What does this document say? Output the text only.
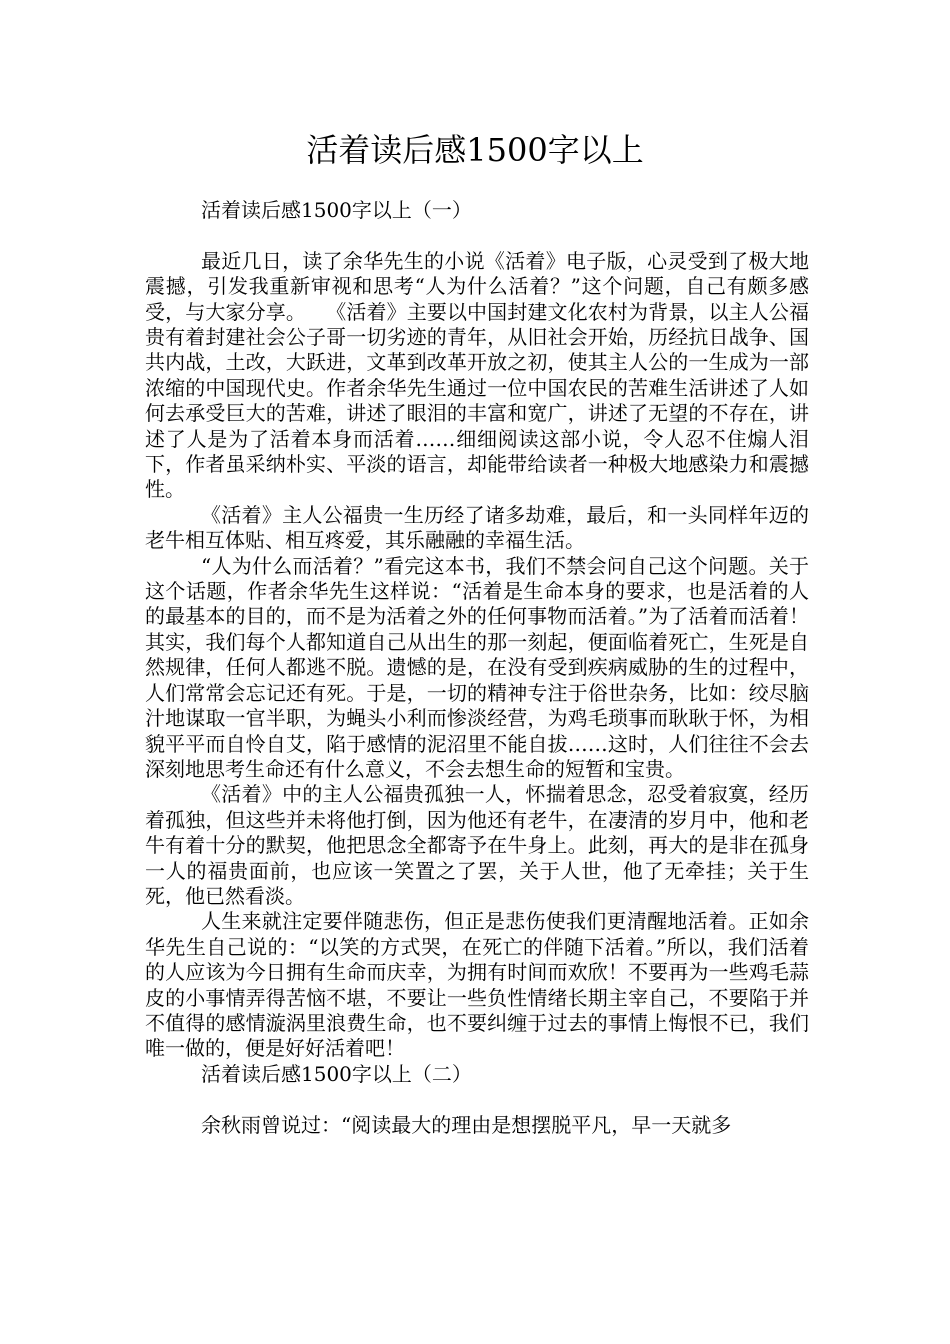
活着读后感1500字以上

活着读后感1500字以上（一）

最近几日，读了余华先生的小说《活着》电子版，心灵受到了极大地震撼，引发我重新审视和思考“人为什么活着？”这个问题，自己有颇多感受，与大家分享。　　《活着》主要以中国封建文化农村为背景，以主人公福贵有着封建社会公子哥一切劣迹的青年，从旧社会开始，历经抗日战争、国共内战，土改，大跃进，文革到改革开放之初，使其主人公的一生成为一部浓缩的中国现代史。作者余华先生通过一位中国农民的苦难生活讲述了人如何去承受巨大的苦难，讲述了眼泪的丰富和宽广，讲述了无望的不存在，讲述了人是为了活着本身而活着……细细阅读这部小说，令人忍不住煽人泪下，作者虽采纳朴实、平淡的语言，却能带给读者一种极大地感染力和震撼性。

《活着》主人公福贵一生历经了诸多劫难，最后，和一头同样年迈的老牛相互体贴、相互疼爱，其乐融融的幸福生活。

“人为什么而活着？”看完这本书，我们不禁会问自己这个问题。关于这个话题，作者余华先生这样说：“活着是生命本身的要求，也是活着的人的最基本的目的，而不是为活着之外的任何事物而活着。”为了活着而活着！其实，我们每个人都知道自己从出生的那一刻起，便面临着死亡，生死是自然规律，任何人都逃不脱。遗憾的是，在没有受到疾病威胁的生的过程中，人们常常会忘记还有死。于是，一切的精神专注于俗世杂务，比如：绞尽脑汁地谋取一官半职，为蝇头小利而惨淡经营，为鸡毛琐事而耿耿于怀，为相貌平平而自怜自艾，陷于感情的泥沼里不能自拔……这时，人们往往不会去深刻地思考生命还有什么意义，不会去想生命的短暂和宝贵。

《活着》中的主人公福贵孤独一人，怀揣着思念，忍受着寂寞，经历着孤独，但这些并未将他打倒，因为他还有老牛，在凄清的岁月中，他和老牛有着十分的默契，他把思念全都寄予在牛身上。此刻，再大的是非在孤身一人的福贵面前，也应该一笑置之了罢，关于人世，他了无牵挂；关于生死，他已然看淡。

人生来就注定要伴随悲伤，但正是悲伤使我们更清醒地活着。正如余华先生自己说的：“以笑的方式哭，在死亡的伴随下活着。”所以，我们活着的人应该为今日拥有生命而庆幸，为拥有时间而欢欣！不要再为一些鸡毛蒜皮的小事情弄得苦恼不堪，不要让一些负性情绪长期主宰自己，不要陷于并不值得的感情漩涡里浪费生命，也不要纠缠于过去的事情上悔恨不已，我们唯一做的，便是好好活着吧！

活着读后感1500字以上（二）

余秋雨曾说过：“阅读最大的理由是想摆脱平凡，早一天就多
